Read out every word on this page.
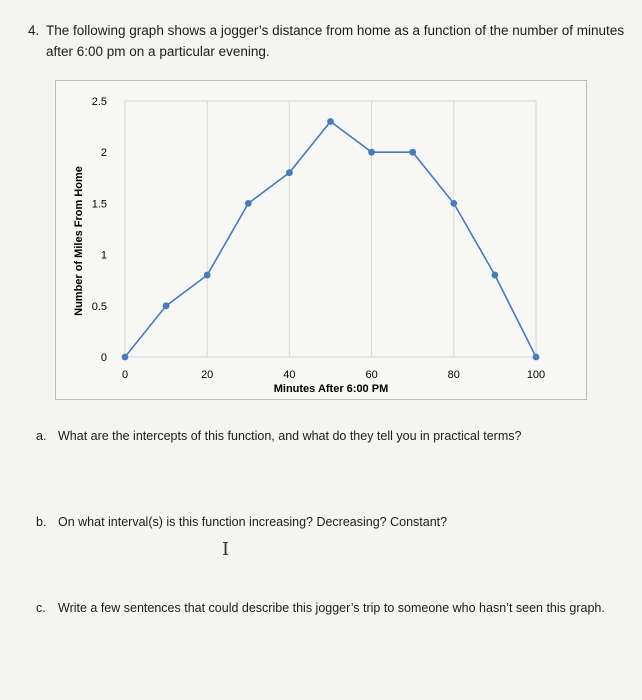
4. The following graph shows a jogger’s distance from home as a function of the number of minutes after 6:00 pm on a particular evening.
0	20	40	60	80	100
0
0.5
1
1.5
2
2.5
Minutes After 6:00 PM
Number of Miles From Home
a. What are the intercepts of this function, and what do they tell you in practical terms?
b. On what interval(s) is this function increasing? Decreasing? Constant?
I
c. Write a few sentences that could describe this jogger’s trip to someone who hasn’t seen this graph.
